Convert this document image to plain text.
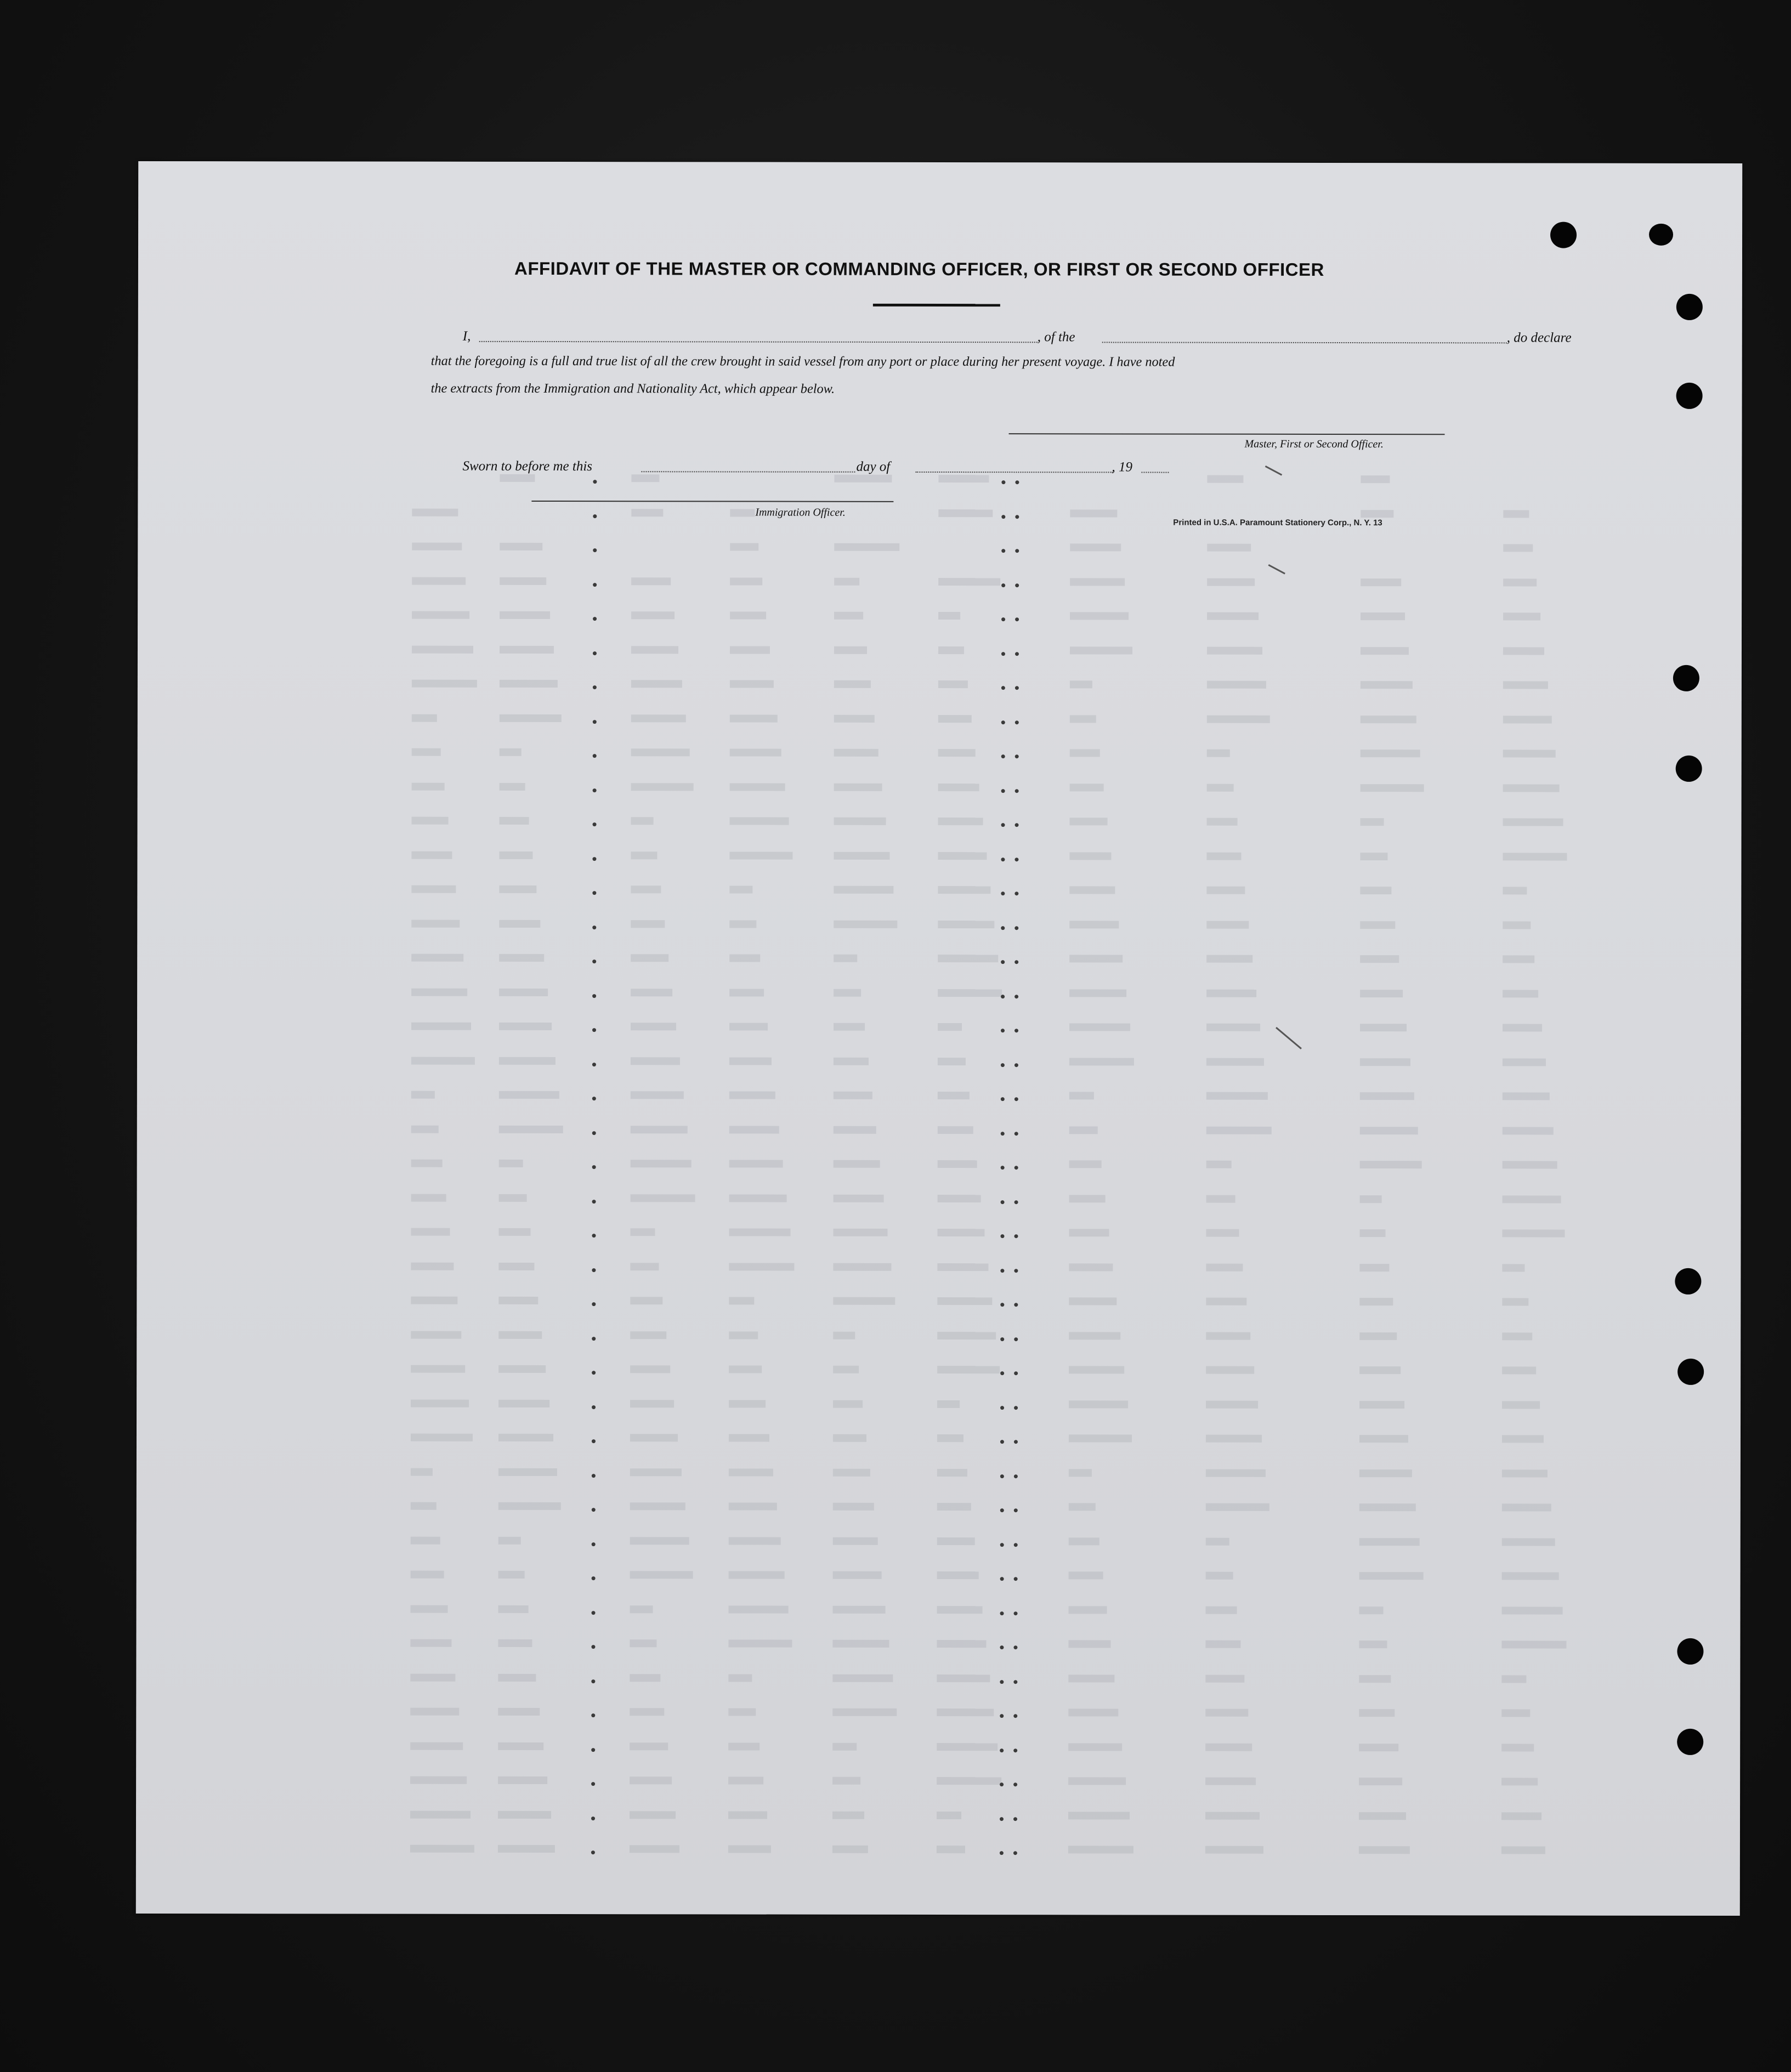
AFFIDAVIT OF THE MASTER OR COMMANDING OFFICER, OR FIRST OR SECOND OFFICER
I,	, of the	, do declare
that the foregoing is a full and true list of all the crew brought in said vessel from any port or place during her present voyage. I have noted
the extracts from the Immigration and Nationality Act, which appear below.
Master, First or Second Officer.
Sworn to before me this	day of	, 19
Immigration Officer.
Printed in U.S.A. Paramount Stationery Corp., N. Y. 13
